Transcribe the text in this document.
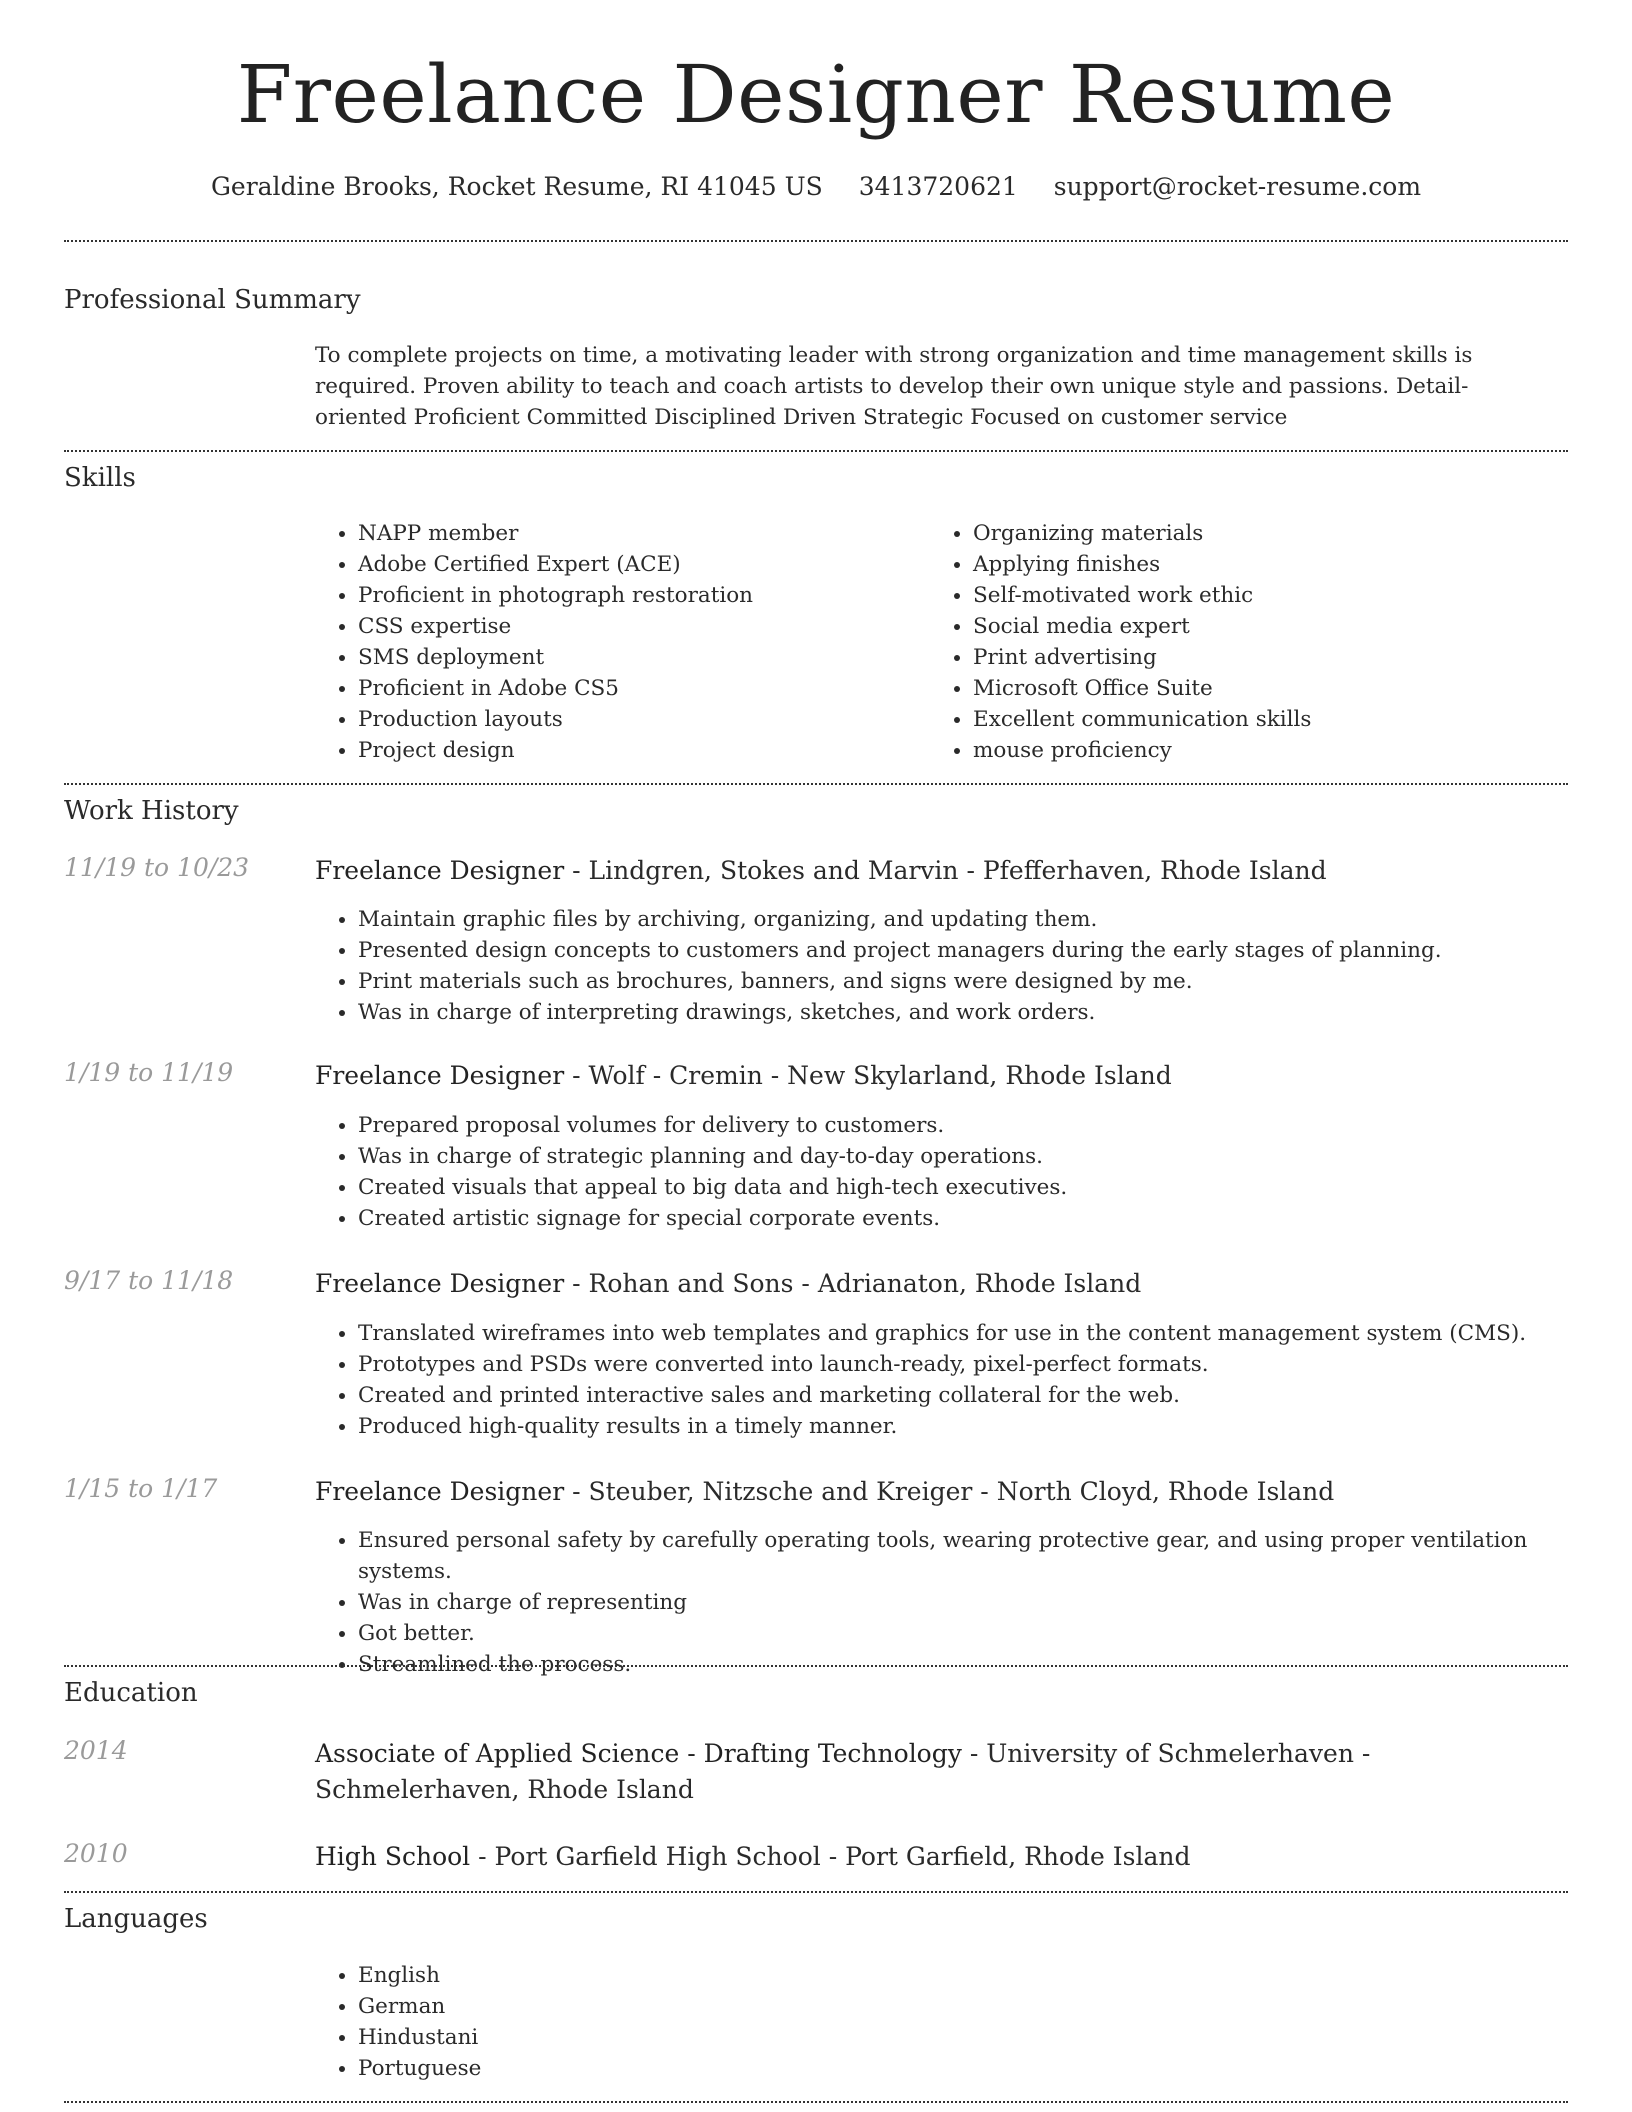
Freelance Designer Resume
Geraldine Brooks, Rocket Resume, RI 41045 US 3413720621 support@rocket-resume.com
Professional Summary
To complete projects on time, a motivating leader with strong organization and time management skills is required. Proven ability to teach and coach artists to develop their own unique style and passions. Detail-oriented Proficient Committed Disciplined Driven Strategic Focused on customer service
Skills
• NAPP member
• Adobe Certified Expert (ACE)
• Proficient in photograph restoration
• CSS expertise
• SMS deployment
• Proficient in Adobe CS5
• Production layouts
• Project design
• Organizing materials
• Applying finishes
• Self-motivated work ethic
• Social media expert
• Print advertising
• Microsoft Office Suite
• Excellent communication skills
• mouse proficiency
Work History
11/19 to 10/23	Freelance Designer - Lindgren, Stokes and Marvin - Pfefferhaven, Rhode Island
• Maintain graphic files by archiving, organizing, and updating them.
• Presented design concepts to customers and project managers during the early stages of planning.
• Print materials such as brochures, banners, and signs were designed by me.
• Was in charge of interpreting drawings, sketches, and work orders.
1/19 to 11/19	Freelance Designer - Wolf - Cremin - New Skylarland, Rhode Island
• Prepared proposal volumes for delivery to customers.
• Was in charge of strategic planning and day-to-day operations.
• Created visuals that appeal to big data and high-tech executives.
• Created artistic signage for special corporate events.
9/17 to 11/18	Freelance Designer - Rohan and Sons - Adrianaton, Rhode Island
• Translated wireframes into web templates and graphics for use in the content management system (CMS).
• Prototypes and PSDs were converted into launch-ready, pixel-perfect formats.
• Created and printed interactive sales and marketing collateral for the web.
• Produced high-quality results in a timely manner.
1/15 to 1/17	Freelance Designer - Steuber, Nitzsche and Kreiger - North Cloyd, Rhode Island
• Ensured personal safety by carefully operating tools, wearing protective gear, and using proper ventilation systems.
• Was in charge of representing
• Got better.
• Streamlined the process.
Education
2014	Associate of Applied Science - Drafting Technology - University of Schmelerhaven - Schmelerhaven, Rhode Island
2010	High School - Port Garfield High School - Port Garfield, Rhode Island
Languages
• English
• German
• Hindustani
• Portuguese
